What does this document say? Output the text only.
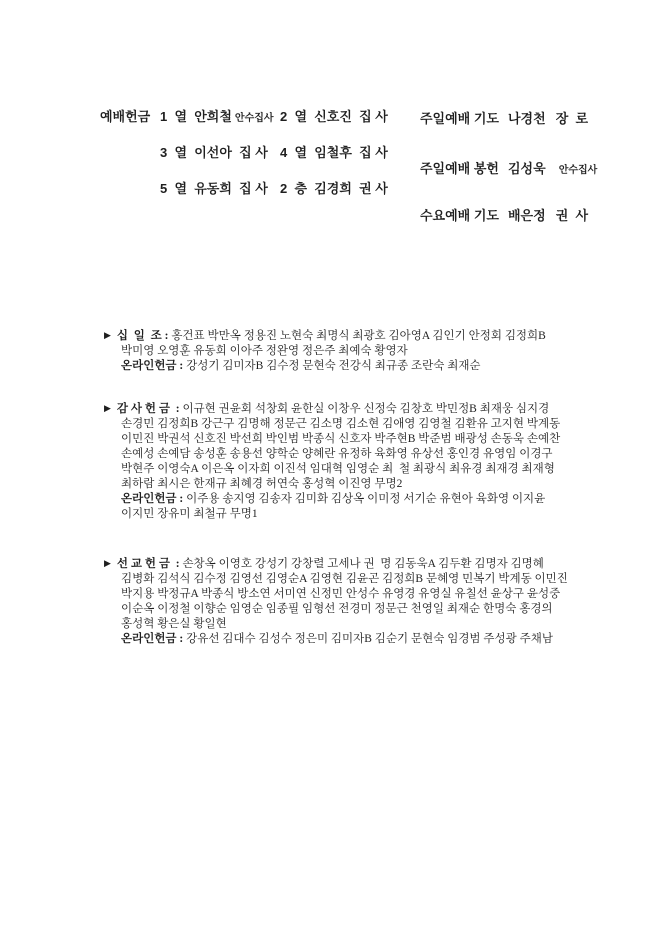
예배헌금 1  열  안희철 안수집사 2  열  신호진  집 사
3  열  이선아  집 사 4  열  임철후  집 사
5  열  유동희  집 사 2  층  김경희  권 사
주일예배 기도 나경천 장  로
주일예배 봉헌 김성욱 안수집사
수요예배 기도 배은정 권  사
▶ 십  일  조 : 홍건표 박만옥 정용진 노현숙 최명식 최광호 김아영A 김인기 안정회 김정희B
박미영 오영훈 유동희 이아주 정완영 정은주 최예숙 황영자
온라인헌금 : 강성기 김미자B 김수정 문현숙 전강식 최규종 조란숙 최재순
▶ 감 사 헌 금  : 이규현 권윤회 석창회 윤한실 이창우 신정숙 김창호 박민정B 최재웅 심지경
손경민 김정희B 강근구 김명해 정문근 김소명 김소현 김애영 김영철 김환유 고지현 박계동
이민진 박권석 신호진 박선희 박인범 박종식 신호자 박주현B 박준범 배광성 손동욱 손예찬
손예성 손예담 송성훈 송용선 양학순 양혜란 유정하 육화영 유상선 홍인경 유영임 이경구
박현주 이영숙A 이은옥 이자희 이진석 임대혁 임영순 최  철 최광식 최유경 최재경 최재형
최하람 최시은 한재규 최혜경 허연숙 홍성혁 이진영 무명2
온라인헌금 : 이주용 송지영 김송자 김미화 김상옥 이미정 서기순 유현아 육화영 이지윤
이지민 장유미 최철규 무명1
▶ 선 교 헌 금  : 손창옥 이영호 강성기 강창렬 고세나 권  명 김동욱A 김두환 김명자 김명혜
김병화 김석식 김수정 김영선 김영순A 김영현 김윤곤 김정희B 문혜영 민복기 박계동 이민진
박지용 박정규A 박종식 방소연 서미연 신정민 안성수 유영경 유영실 유칠선 윤상구 윤성중
이순옥 이정철 이향순 임영순 임종필 임형선 전경미 정문근 천영일 최재순 한명숙 홍경의
홍성혁 황은실 황일현
온라인헌금 : 강유선 김대수 김성수 정은미 김미자B 김순기 문현숙 임경범 주성광 주채남
